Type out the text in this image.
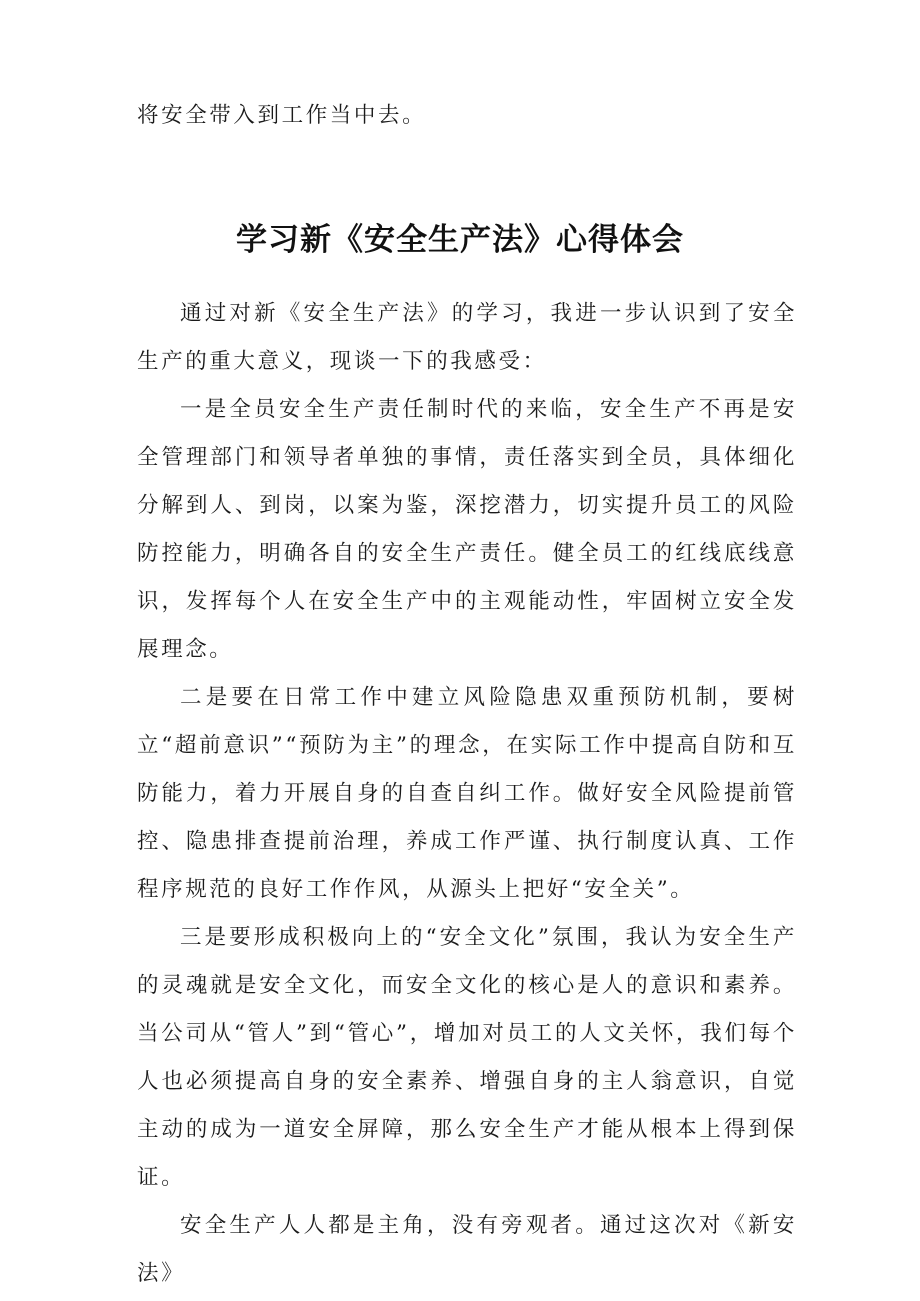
将安全带入到工作当中去。
学习新《安全生产法》心得体会

通过对新《安全生产法》的学习，我进一步认识到了安全生产的重大意义，现谈一下的我感受：

一是全员安全生产责任制时代的来临，安全生产不再是安全管理部门和领导者单独的事情，责任落实到全员，具体细化分解到人、到岗，以案为鉴，深挖潜力，切实提升员工的风险防控能力，明确各自的安全生产责任。健全员工的红线底线意识，发挥每个人在安全生产中的主观能动性，牢固树立安全发展理念。

二是要在日常工作中建立风险隐患双重预防机制，要树立“超前意识”“预防为主”的理念，在实际工作中提高自防和互防能力，着力开展自身的自查自纠工作。做好安全风险提前管控、隐患排查提前治理，养成工作严谨、执行制度认真、工作程序规范的良好工作作风，从源头上把好“安全关”。

三是要形成积极向上的“安全文化”氛围，我认为安全生产的灵魂就是安全文化，而安全文化的核心是人的意识和素养。当公司从“管人”到“管心”，增加对员工的人文关怀，我们每个人也必须提高自身的安全素养、增强自身的主人翁意识，自觉主动的成为一道安全屏障，那么安全生产才能从根本上得到保证。

安全生产人人都是主角，没有旁观者。通过这次对《新安法》
